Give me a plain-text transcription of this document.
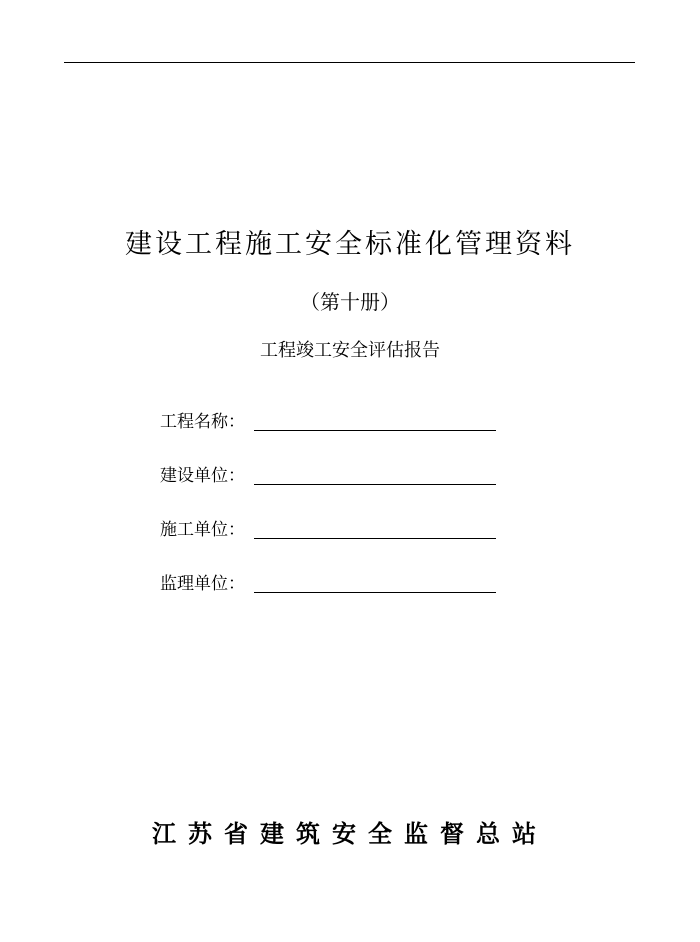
建设工程施工安全标准化管理资料
（第十册）
工程竣工安全评估报告
工程名称：
建设单位：
施工单位：
监理单位：
江苏省建筑安全监督总站
